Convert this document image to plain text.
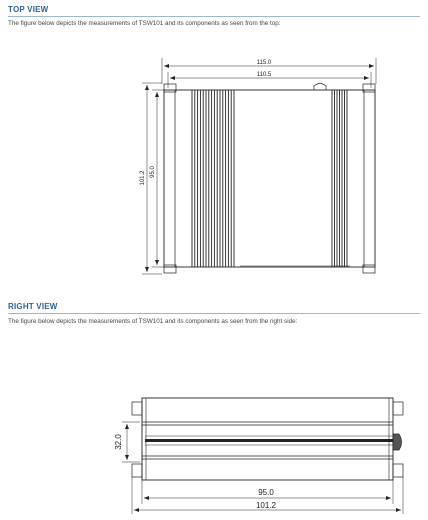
TOP VIEW
The figure below depicts the measurements of TSW101 and its components as seen from the top:
RIGHT VIEW
The figure below depicts the measurements of TSW101 and its components as seen from the right side:
115.0
110.5
101.2 95.0
32.0
95.0
101.2
